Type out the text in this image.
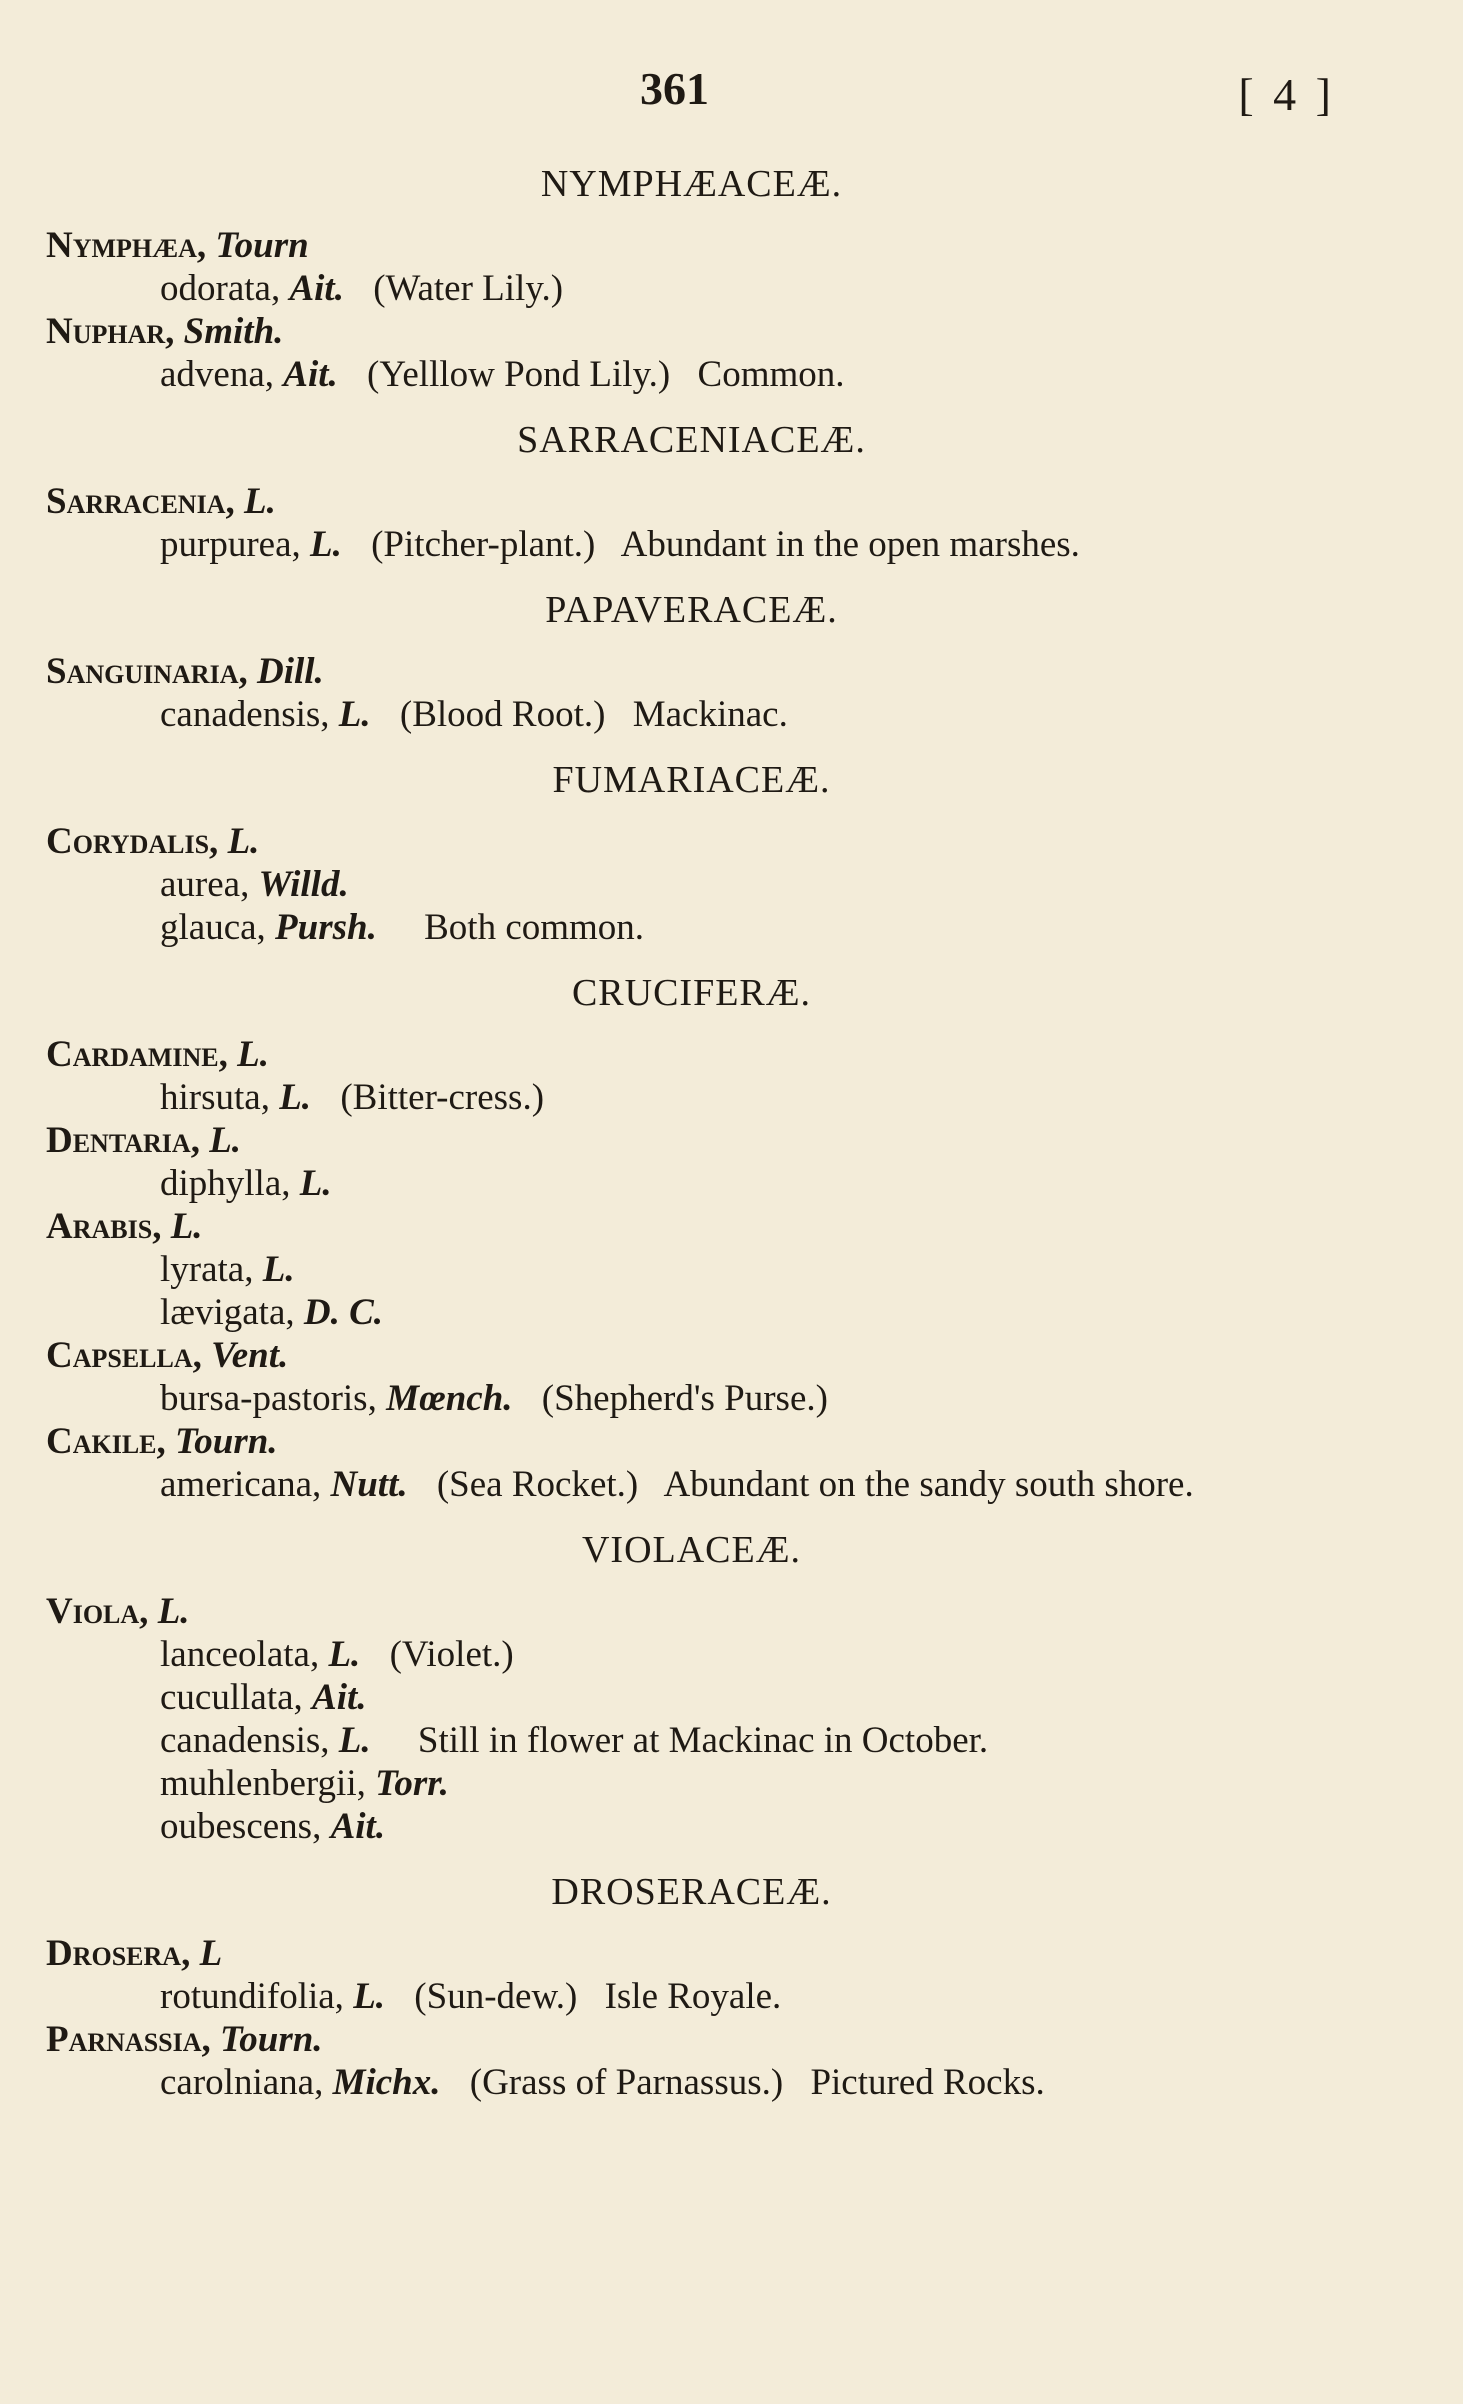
361	[ 4 ]
NYMPHÆACEÆ.
Nymphæa, Tourn
odorata, Ait. (Water Lily.)
Nuphar, Smith.
advena, Ait. (Yelllow Pond Lily.) Common.
SARRACENIACEÆ.
Sarracenia, L.
purpurea, L. (Pitcher-plant.) Abundant in the open marshes.
PAPAVERACEÆ.
Sanguinaria, Dill.
canadensis, L. (Blood Root.) Mackinac.
FUMARIACEÆ.
Corydalis, L.
aurea, Willd.
glauca, Pursh. Both common.
CRUCIFERÆ.
Cardamine, L.
hirsuta, L. (Bitter-cress.)
Dentaria, L.
diphylla, L.
Arabis, L.
lyrata, L.
lævigata, D. C.
Capsella, Vent.
bursa-pastoris, Mœnch. (Shepherd's Purse.)
Cakile, Tourn.
americana, Nutt. (Sea Rocket.) Abundant on the sandy south shore.
VIOLACEÆ.
Viola, L.
lanceolata, L. (Violet.)
cucullata, Ait.
canadensis, L. Still in flower at Mackinac in October.
muhlenbergii, Torr.
oubescens, Ait.
DROSERACEÆ.
Drosera, L
rotundifolia, L. (Sun-dew.) Isle Royale.
Parnassia, Tourn.
carolniana, Michx. (Grass of Parnassus.) Pictured Rocks.
